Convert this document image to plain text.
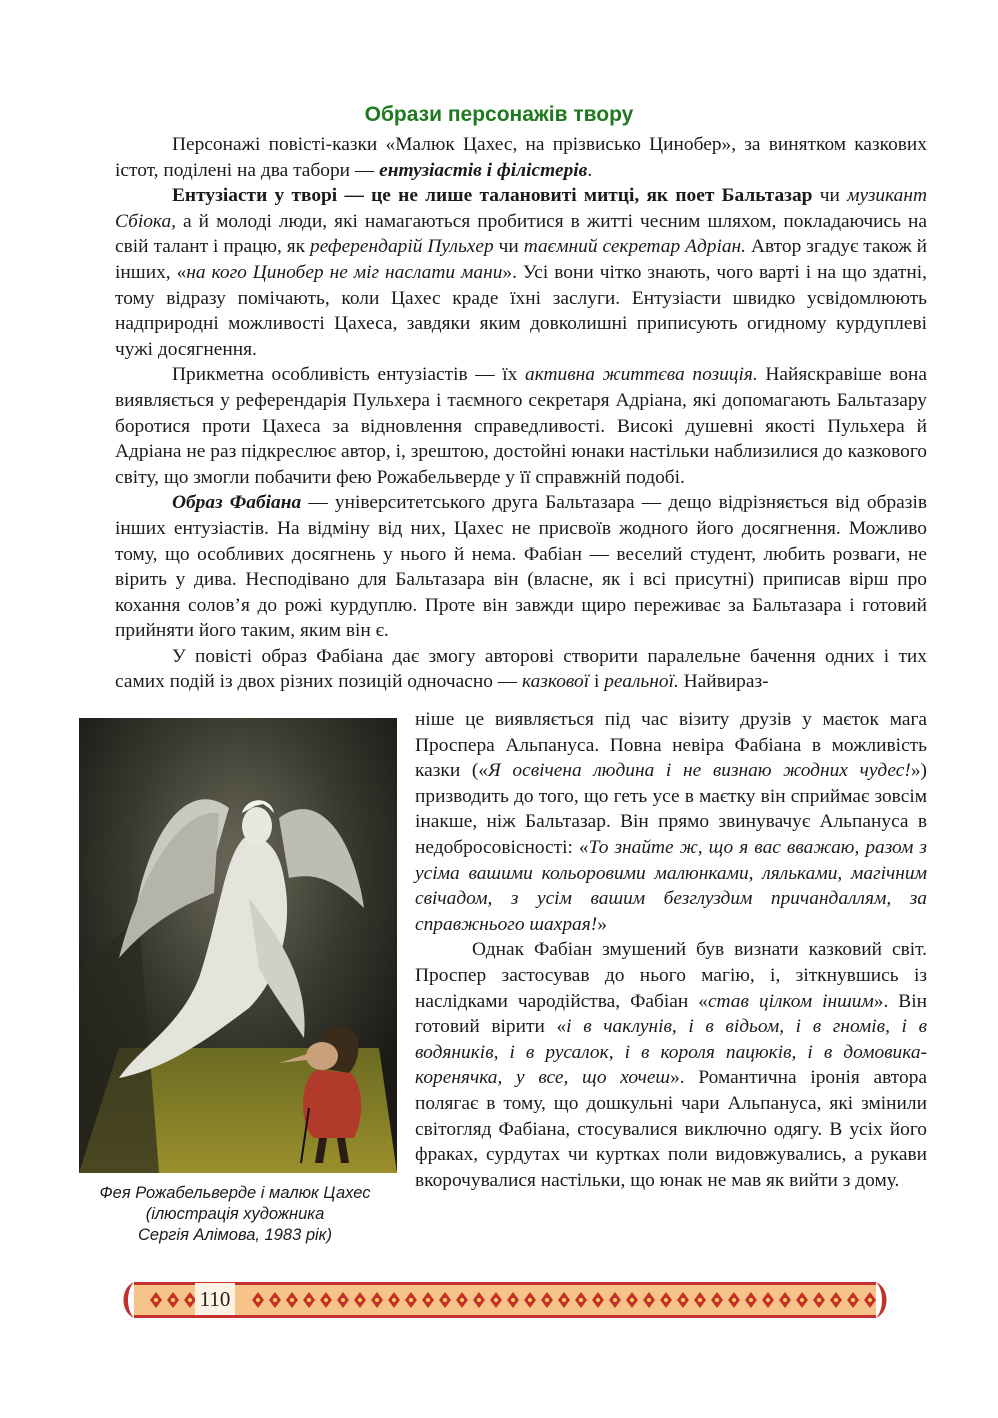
Образи персонажів твору

Персонажі повісті-казки «Малюк Цахес, на прізвисько Цинобер», за винятком казкових істот, поділені на два табори — ентузіастів і філістерів.

Ентузіасти у творі — це не лише талановиті митці, як поет Бальтазар чи музикант Сбіока, а й молоді люди, які намагаються пробитися в житті чесним шляхом, покладаючись на свій талант і працю, як референдарій Пульхер чи таємний секретар Адріан. Автор згадує також й інших, «на кого Цинобер не міг наслати мани». Усі вони чітко знають, чого варті і на що здатні, тому відразу помічають, коли Цахес краде їхні заслуги. Ентузіасти швидко усвідомлюють надприродні можливості Цахеса, завдяки яким довколишні приписують огидному курдуплеві чужі досягнення.

Прикметна особливість ентузіастів — їх активна життєва позиція. Найяскравіше вона виявляється у референдарія Пульхера і таємного секретаря Адріана, які допомагають Бальтазару боротися проти Цахеса за відновлення справедливості. Високі душевні якості Пульхера й Адріана не раз підкреслює автор, і, зрештою, достойні юнаки настільки наблизилися до казкового світу, що змогли побачити фею Рожабельверде у її справжній подобі.

Образ Фабіана — університетського друга Бальтазара — дещо відрізняється від образів інших ентузіастів. На відміну від них, Цахес не присвоїв жодного його досягнення. Можливо тому, що особливих досягнень у нього й нема. Фабіан — веселий студент, любить розваги, не вірить у дива. Несподівано для Бальтазара він (власне, як і всі присутні) приписав вірш про кохання солов’я до рожі курдуплю. Проте він завжди щиро переживає за Бальтазара і готовий прийняти його таким, яким він є.

У повісті образ Фабіана дає змогу авторові створити паралельне бачення одних і тих самих подій із двох різних позицій одночасно — казкової і реальної. Найвираз-

Фея Рожабельверде і малюк Цахес
(ілюстрація художника
Сергія Алімова, 1983 рік)

ніше це виявляється під час візиту друзів у маєток мага Проспера Альпануса. Повна невіра Фабіана в можливість казки («Я освічена людина і не визнаю жодних чудес!») призводить до того, що геть усе в маєтку він сприймає зовсім інакше, ніж Бальтазар. Він прямо звинувачує Альпануса в недобросовісності: «То знайте ж, що я вас вважаю, разом з усіма вашими кольоровими малюнками, ляльками, магічним свічадом, з усім вашим безглуздим причандаллям, за справжнього шахрая!»

Однак Фабіан змушений був визнати казковий світ. Проспер застосував до нього магію, і, зіткнувшись із наслідками чародійства, Фабіан «став цілком іншим». Він готовий вірити «і в чаклунів, і в відьом, і в гномів, і в водяників, і в русалок, і в короля пацюків, і в домовика-коренячка, у все, що хочеш». Романтична іронія автора полягає в тому, що дошкульні чари Альпануса, які змінили світогляд Фабіана, стосувалися виключно одягу. В усіх його фраках, сурдутах чи куртках поли видовжувались, а рукави вкорочувалися настільки, що юнак не мав як вийти з дому.

110
